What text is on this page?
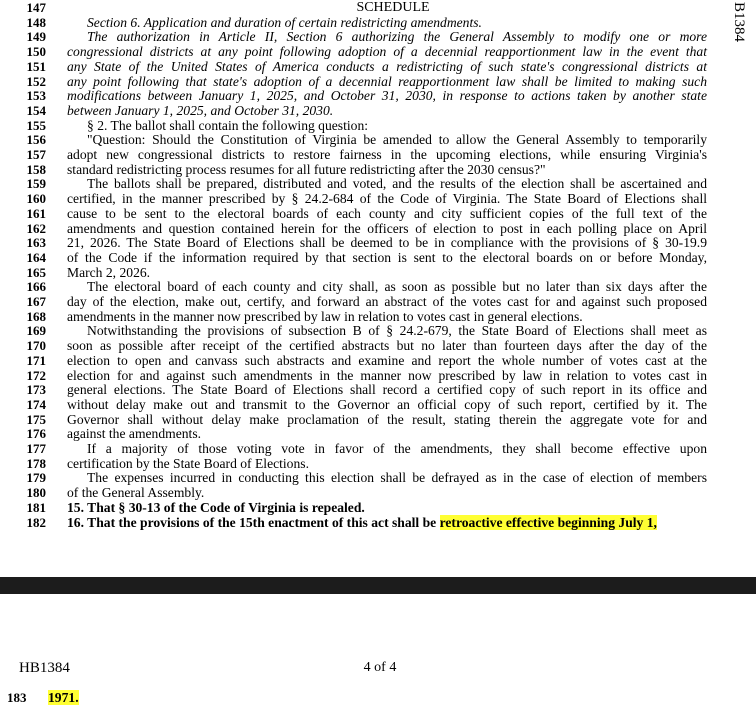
B1384
SCHEDULE
147
148	Section 6. Application and duration of certain redistricting amendments.
149	The authorization in Article II, Section 6 authorizing the General Assembly to modify one or more
150 congressional districts at any point following adoption of a decennial reapportionment law in the event that
151 any State of the United States of America conducts a redistricting of such state's congressional districts at
152 any point following that state's adoption of a decennial reapportionment law shall be limited to making such
153 modifications between January 1, 2025, and October 31, 2030, in response to actions taken by another state
154 between January 1, 2025, and October 31, 2030.
155	§ 2. The ballot shall contain the following question:
156	"Question: Should the Constitution of Virginia be amended to allow the General Assembly to temporarily
157 adopt new congressional districts to restore fairness in the upcoming elections, while ensuring Virginia's
158 standard redistricting process resumes for all future redistricting after the 2030 census?"
159	The ballots shall be prepared, distributed and voted, and the results of the election shall be ascertained and
160 certified, in the manner prescribed by § 24.2-684 of the Code of Virginia. The State Board of Elections shall
161 cause to be sent to the electoral boards of each county and city sufficient copies of the full text of the
162 amendments and question contained herein for the officers of election to post in each polling place on April
163 21, 2026. The State Board of Elections shall be deemed to be in compliance with the provisions of § 30-19.9
164 of the Code if the information required by that section is sent to the electoral boards on or before Monday,
165 March 2, 2026.
166	The electoral board of each county and city shall, as soon as possible but no later than six days after the
167 day of the election, make out, certify, and forward an abstract of the votes cast for and against such proposed
168 amendments in the manner now prescribed by law in relation to votes cast in general elections.
169	Notwithstanding the provisions of subsection B of § 24.2-679, the State Board of Elections shall meet as
170 soon as possible after receipt of the certified abstracts but no later than fourteen days after the day of the
171 election to open and canvass such abstracts and examine and report the whole number of votes cast at the
172 election for and against such amendments in the manner now prescribed by law in relation to votes cast in
173 general elections. The State Board of Elections shall record a certified copy of such report in its office and
174 without delay make out and transmit to the Governor an official copy of such report, certified by it. The
175 Governor shall without delay make proclamation of the result, stating therein the aggregate vote for and
176 against the amendments.
177	If a majority of those voting vote in favor of the amendments, they shall become effective upon
178 certification by the State Board of Elections.
179	The expenses incurred in conducting this election shall be defrayed as in the case of election of members
180 of the General Assembly.
181 15. That § 30-13 of the Code of Virginia is repealed.
182 16. That the provisions of the 15th enactment of this act shall be retroactive effective beginning July 1,
HB1384	4 of 4
183 1971.
